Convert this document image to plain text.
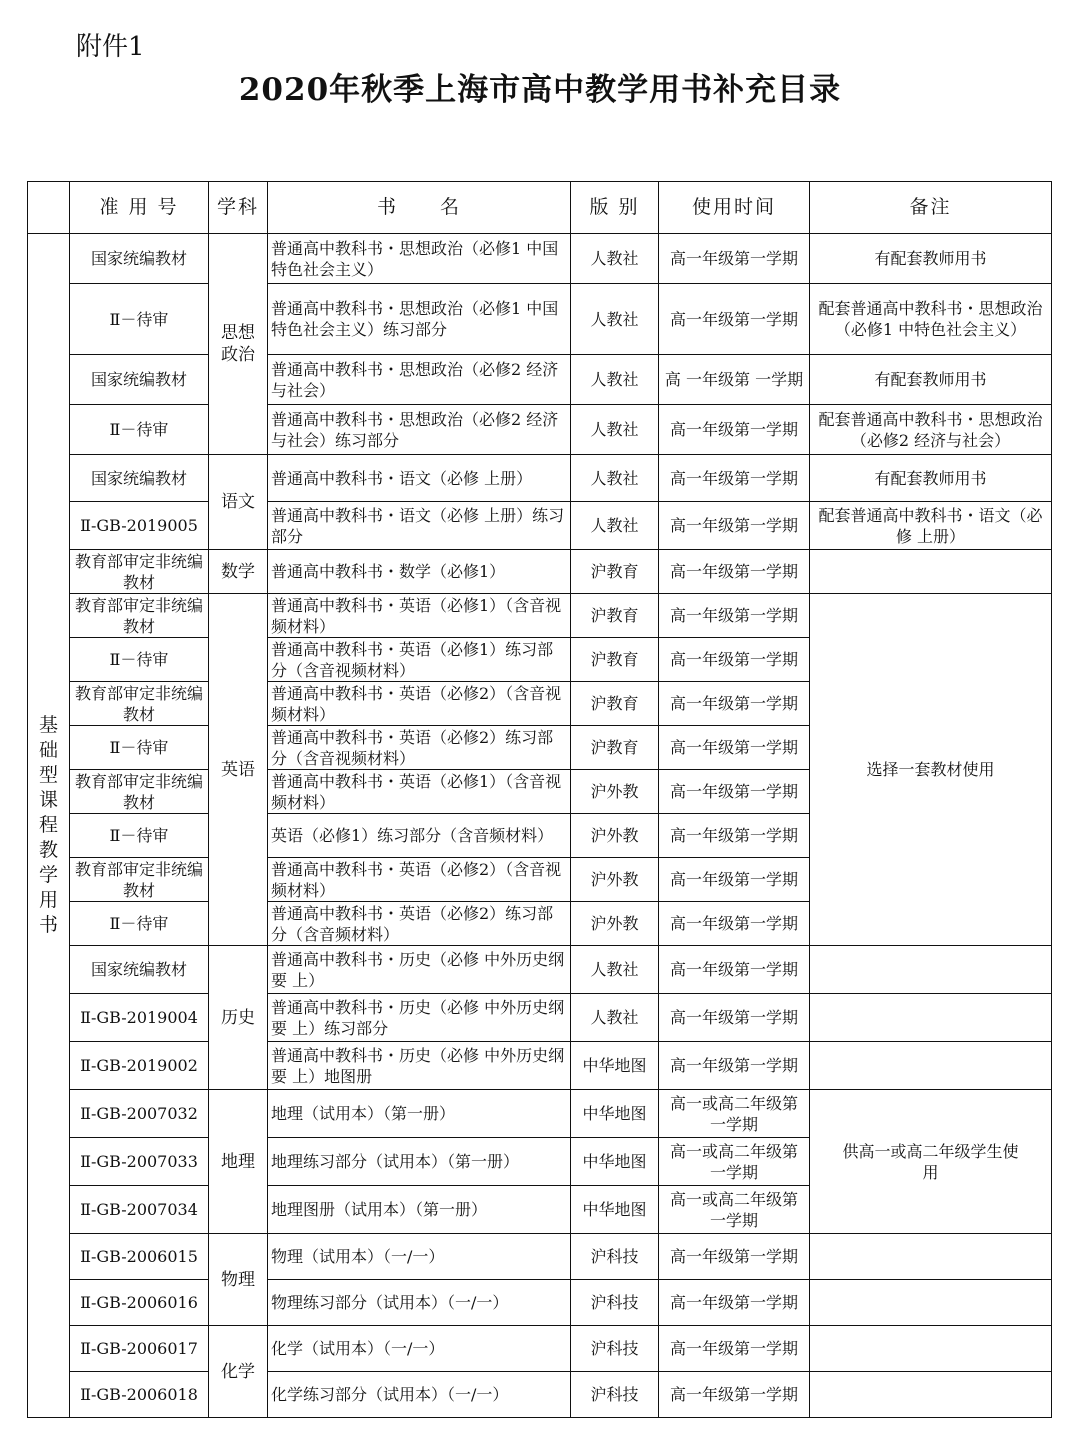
附件1
2020年秋季上海市高中教学用书补充目录
	准 用 号	学科	书　　名	版 别	使用时间	备注

基础型课程教学用书	国家统编教材	思想政治	普通高中教科书・思想政治（必修1 中国特色社会主义）	人教社	高一年级第一学期	有配套教师用书
	Ⅱ－待审		普通高中教科书・思想政治（必修1 中国特色社会主义）练习部分	人教社	高一年级第一学期	配套普通高中教科书・思想政治（必修1 中特色社会主义）
	国家统编教材		普通高中教科书・思想政治（必修2 经济与社会）	人教社	高 一年级第 一学期	有配套教师用书
	Ⅱ－待审		普通高中教科书・思想政治（必修2 经济与社会）练习部分	人教社	高一年级第一学期	配套普通高中教科书・思想政治（必修2 经济与社会）
	国家统编教材	语文	普通高中教科书・语文（必修 上册）	人教社	高一年级第一学期	有配套教师用书
	Ⅱ-GB-2019005		普通高中教科书・语文（必修 上册）练习部分	人教社	高一年级第一学期	配套普通高中教科书・语文（必修 上册）
	教育部审定非统编教材	数学	普通高中教科书・数学（必修1）	沪教育	高一年级第一学期	
	教育部审定非统编教材	英语	普通高中教科书・英语（必修1）（含音视频材料）	沪教育	高一年级第一学期	选择一套教材使用
	Ⅱ－待审		普通高中教科书・英语（必修1）练习部分（含音视频材料）	沪教育	高一年级第一学期	
	教育部审定非统编教材		普通高中教科书・英语（必修2）（含音视频材料）	沪教育	高一年级第一学期	
	Ⅱ－待审		普通高中教科书・英语（必修2）练习部分（含音视频材料）	沪教育	高一年级第一学期	
	教育部审定非统编教材		普通高中教科书・英语（必修1）（含音视频材料）	沪外教	高一年级第一学期	
	Ⅱ－待审		英语（必修1）练习部分（含音频材料）	沪外教	高一年级第一学期	
	教育部审定非统编教材		普通高中教科书・英语（必修2）（含音视频材料）	沪外教	高一年级第一学期	
	Ⅱ－待审		普通高中教科书・英语（必修2）练习部分（含音频材料）	沪外教	高一年级第一学期	
	国家统编教材	历史	普通高中教科书・历史（必修 中外历史纲要 上）	人教社	高一年级第一学期	
	Ⅱ-GB-2019004		普通高中教科书・历史（必修 中外历史纲要 上）练习部分	人教社	高一年级第一学期	
	Ⅱ-GB-2019002		普通高中教科书・历史（必修 中外历史纲要 上）地图册	中华地图	高一年级第一学期	
	Ⅱ-GB-2007032	地理	地理（试用本）（第一册）	中华地图	高一或高二年级第一学期	供高一或高二年级学生使用

	Ⅱ-GB-2007033		地理练习部分（试用本）（第一册）	中华地图	高一或高二年级第一学期	

	Ⅱ-GB-2007034		地理图册（试用本）（第一册）	中华地图	高一或高二年级第一学期	

	Ⅱ-GB-2006015	物理	物理（试用本）（一/一）	沪科技	高一年级第一学期	
	Ⅱ-GB-2006016		物理练习部分（试用本）（一/一）	沪科技	高一年级第一学期	
	Ⅱ-GB-2006017	化学	化学（试用本）（一/一）	沪科技	高一年级第一学期	
	Ⅱ-GB-2006018		化学练习部分（试用本）（一/一）	沪科技	高一年级第一学期	
